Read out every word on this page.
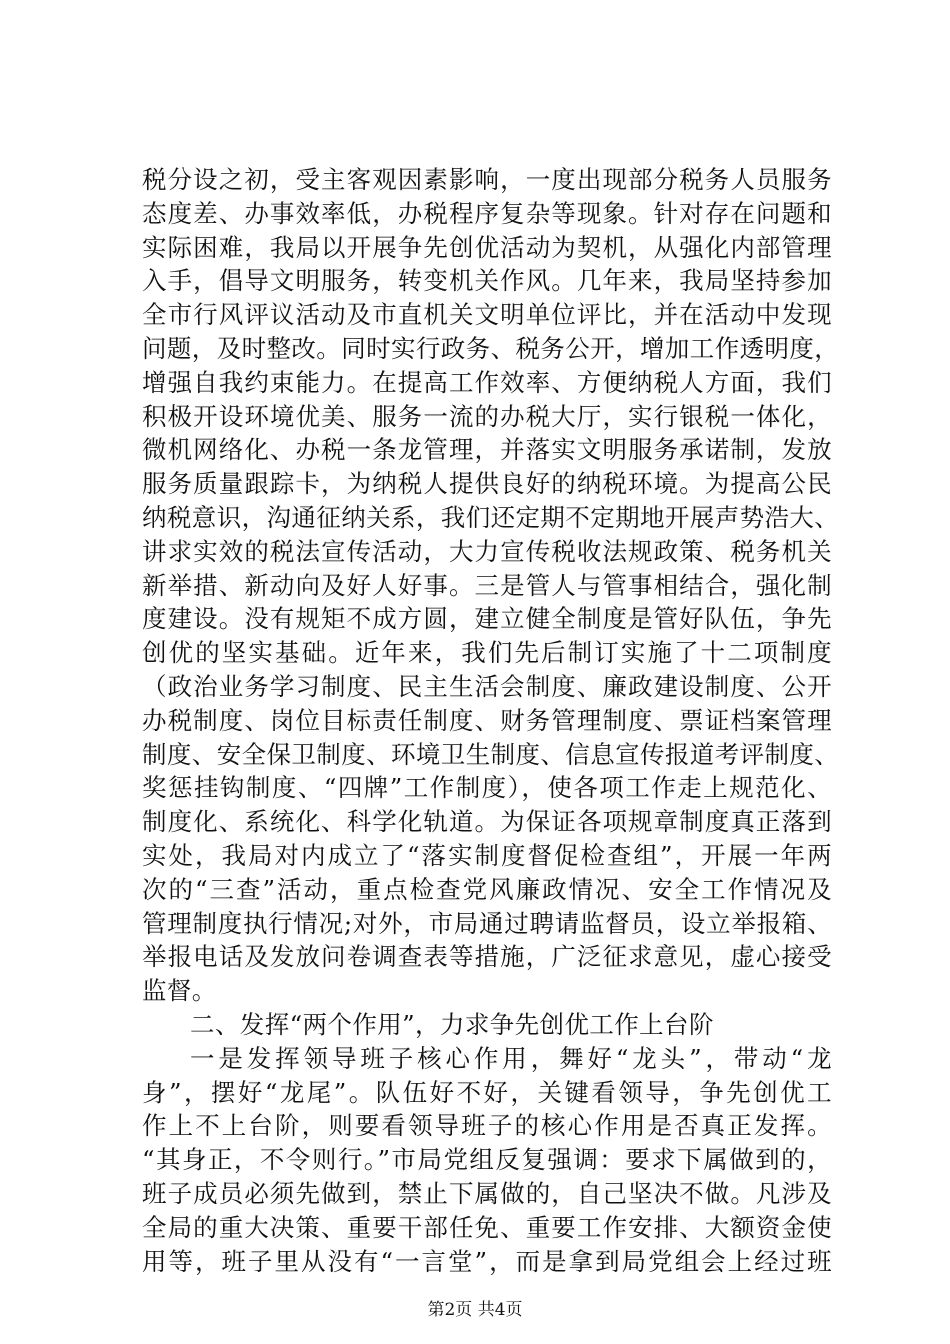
税分设之初，受主客观因素影响，一度出现部分税务人员服务
态度差、办事效率低，办税程序复杂等现象。针对存在问题和
实际困难，我局以开展争先创优活动为契机，从强化内部管理
入手，倡导文明服务，转变机关作风。几年来，我局坚持参加
全市行风评议活动及市直机关文明单位评比，并在活动中发现
问题，及时整改。同时实行政务、税务公开，增加工作透明度，
增强自我约束能力。在提高工作效率、方便纳税人方面，我们
积极开设环境优美、服务一流的办税大厅，实行银税一体化，
微机网络化、办税一条龙管理，并落实文明服务承诺制，发放
服务质量跟踪卡，为纳税人提供良好的纳税环境。为提高公民
纳税意识，沟通征纳关系，我们还定期不定期地开展声势浩大、
讲求实效的税法宣传活动，大力宣传税收法规政策、税务机关
新举措、新动向及好人好事。三是管人与管事相结合，强化制
度建设。没有规矩不成方圆，建立健全制度是管好队伍，争先
创优的坚实基础。近年来，我们先后制订实施了十二项制度
（政治业务学习制度、民主生活会制度、廉政建设制度、公开
办税制度、岗位目标责任制度、财务管理制度、票证档案管理
制度、安全保卫制度、环境卫生制度、信息宣传报道考评制度、
奖惩挂钩制度、“四牌”工作制度），使各项工作走上规范化、
制度化、系统化、科学化轨道。为保证各项规章制度真正落到
实处，我局对内成立了“落实制度督促检查组”，开展一年两
次的“三查”活动，重点检查党风廉政情况、安全工作情况及
管理制度执行情况;对外，市局通过聘请监督员，设立举报箱、
举报电话及发放问卷调查表等措施，广泛征求意见，虚心接受
监督。
二、发挥“两个作用”，力求争先创优工作上台阶
一是发挥领导班子核心作用，舞好“龙头”，带动“龙
身”，摆好“龙尾”。队伍好不好，关键看领导，争先创优工
作上不上台阶，则要看领导班子的核心作用是否真正发挥。
“其身正，不令则行。”市局党组反复强调：要求下属做到的，
班子成员必须先做到，禁止下属做的，自己坚决不做。凡涉及
全局的重大决策、重要干部任免、重要工作安排、大额资金使
用等，班子里从没有“一言堂”，而是拿到局党组会上经过班
第2页 共4页
